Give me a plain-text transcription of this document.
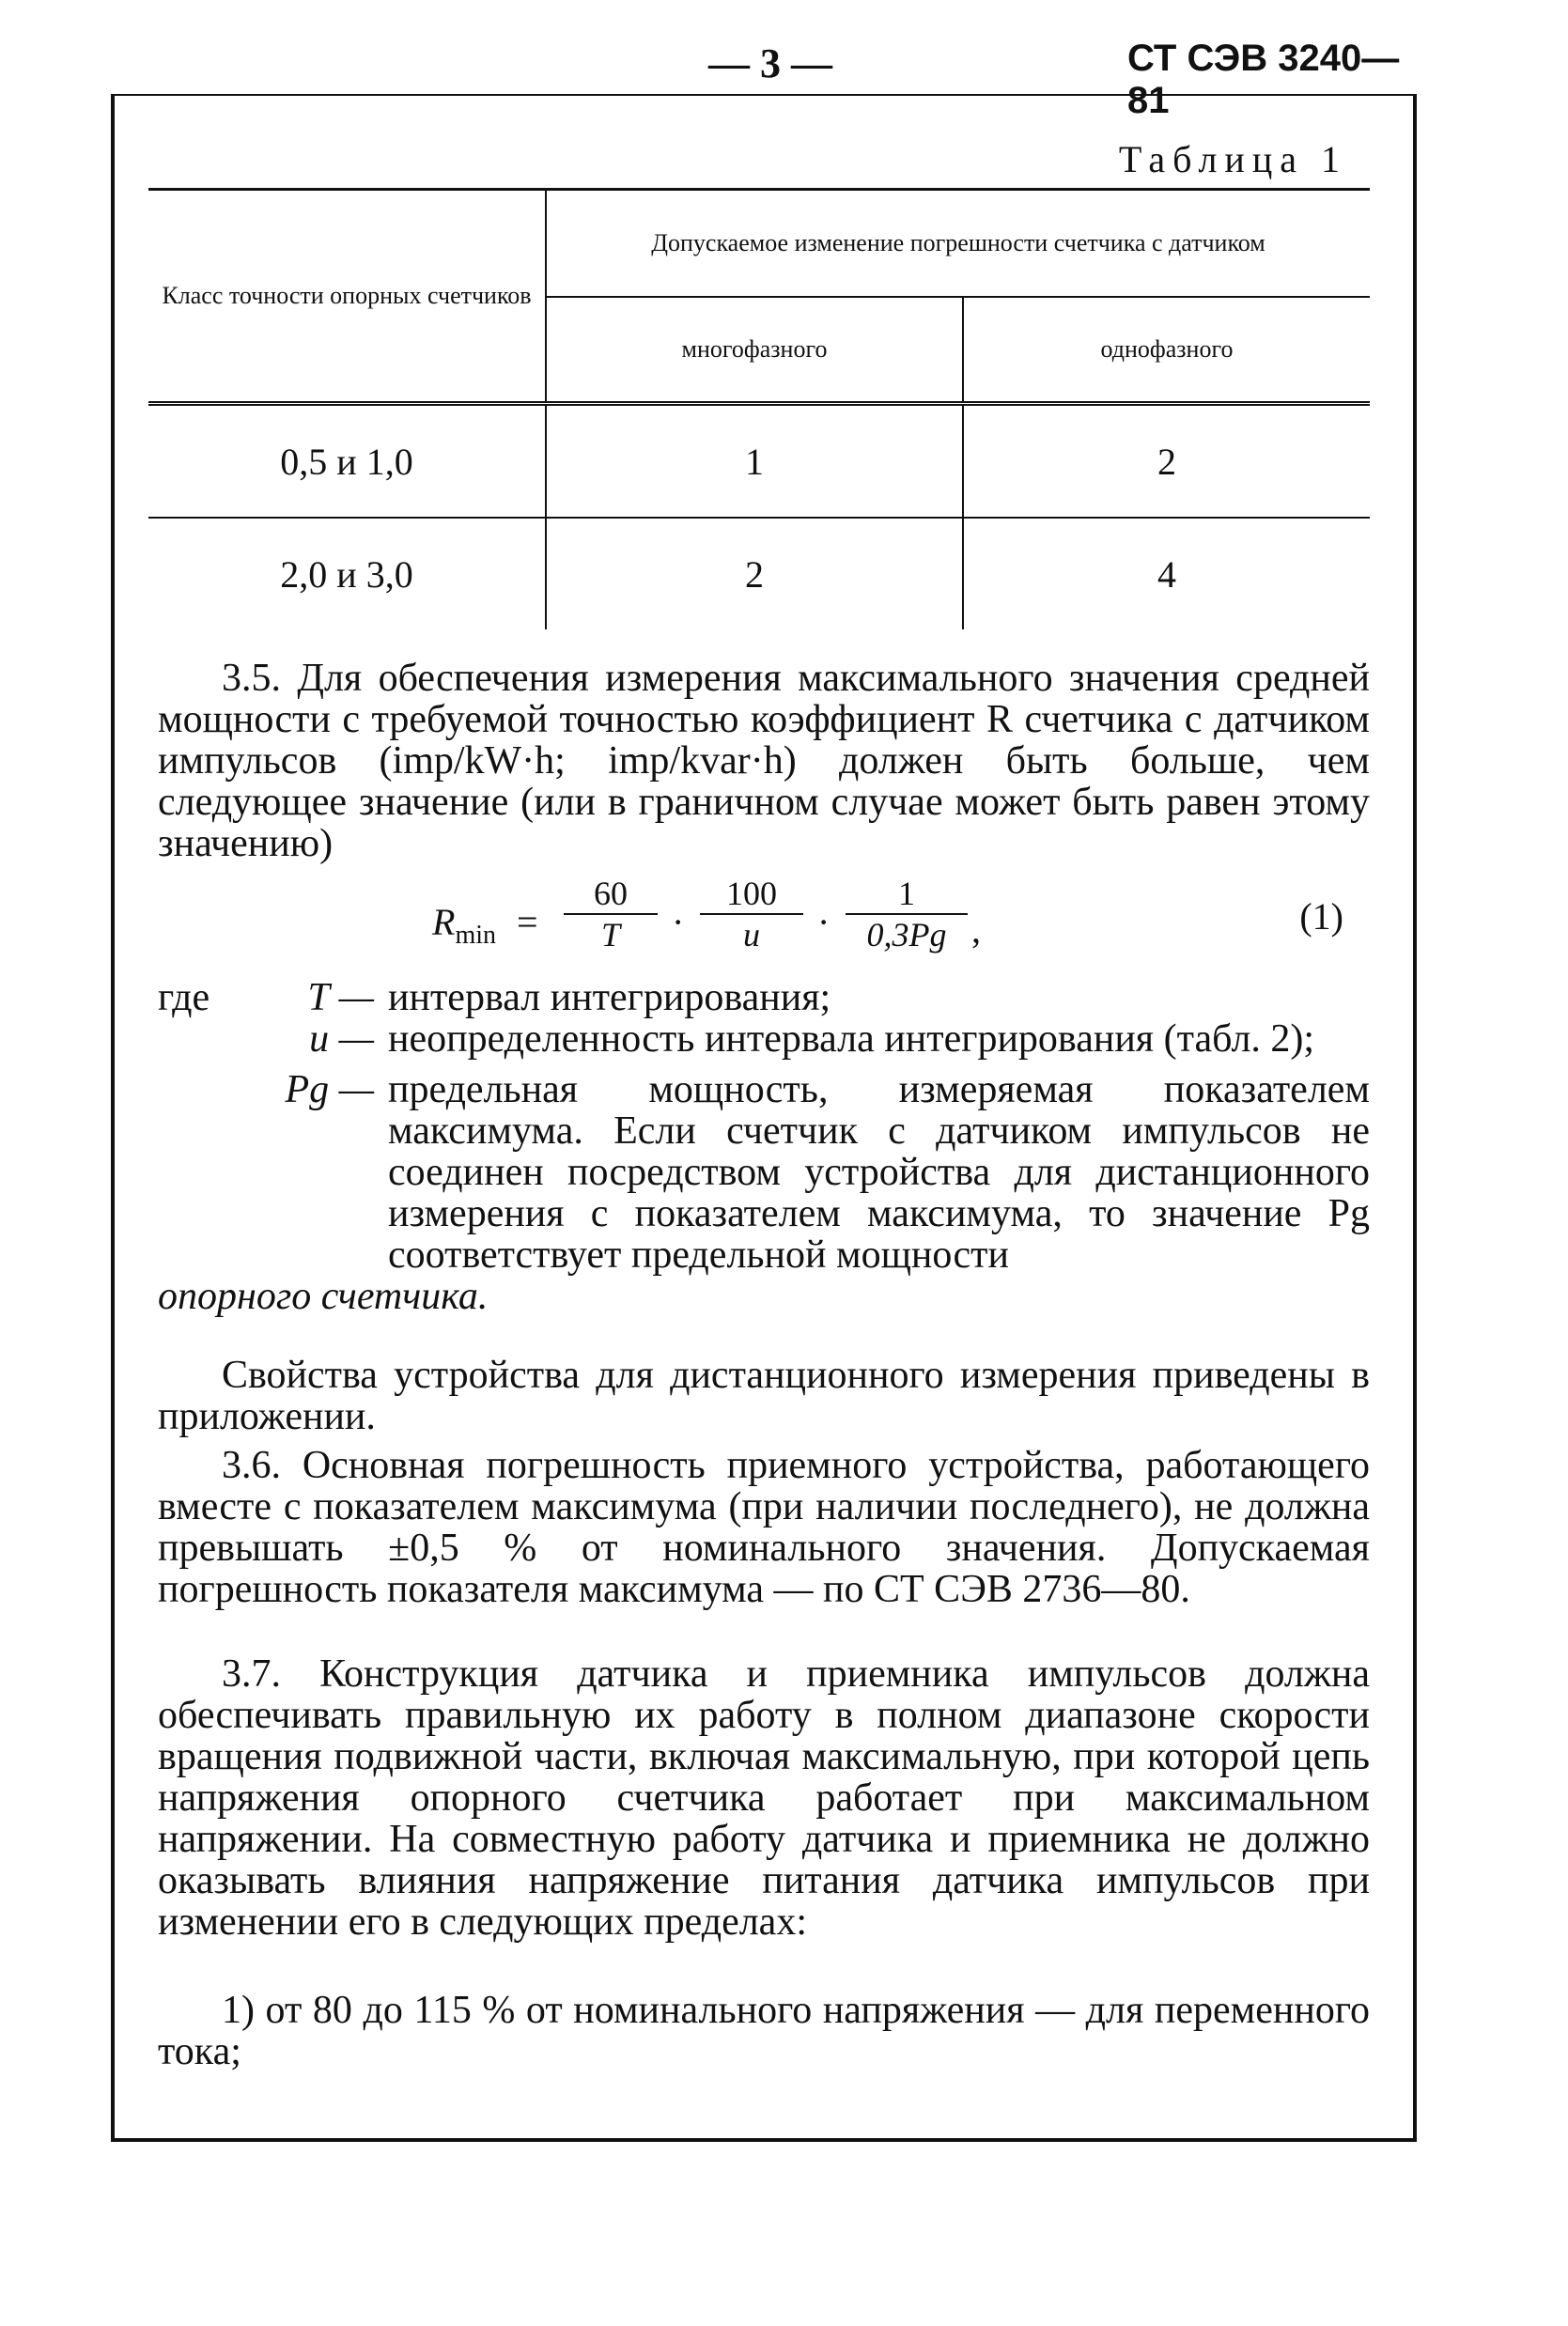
— 3 —	СТ СЭВ 3240—81
Таблица 1
Класс точности опорных счетчиков	Допускаемое изменение погрешности счетчика с датчиком	
	многофазного	однофазного
0,5 и 1,0	1	2
2,0 и 3,0	2	4
3.5. Для обеспечения измерения максимального значения средней мощности с требуемой точностью коэффициент R счетчика с датчиком импульсов (imp/kW·h; imp/kvar·h) должен быть больше, чем следующее значение (или в граничном случае может быть равен этому значению)
$R_{min} = \frac{60}{T} \cdot \frac{100}{u} \cdot \frac{1}{0,3Pg}$ ,	(1)
где	T — интервал интегрирования;
u — неопределенность интервала интегрирования (табл. 2);
Pg — предельная мощность, измеряемая показателем максимума. Если счетчик с датчиком импульсов не соединен посредством устройства для дистанционного измерения с показателем максимума, то значение Pg соответствует предельной мощности
опорного счетчика.
Свойства устройства для дистанционного измерения приведены в приложении.
3.6. Основная погрешность приемного устройства, работающего вместе с показателем максимума (при наличии последнего), не должна превышать ±0,5 % от номинального значения. Допускаемая погрешность показателя максимума — по СТ СЭВ 2736—80.
3.7. Конструкция датчика и приемника импульсов должна обеспечивать правильную их работу в полном диапазоне скорости вращения подвижной части, включая максимальную, при которой цепь напряжения опорного счетчика работает при максимальном напряжении. На совместную работу датчика и приемника не должно оказывать влияния напряжение питания датчика импульсов при изменении его в следующих пределах:
1) от 80 до 115 % от номинального напряжения — для переменного тока;
